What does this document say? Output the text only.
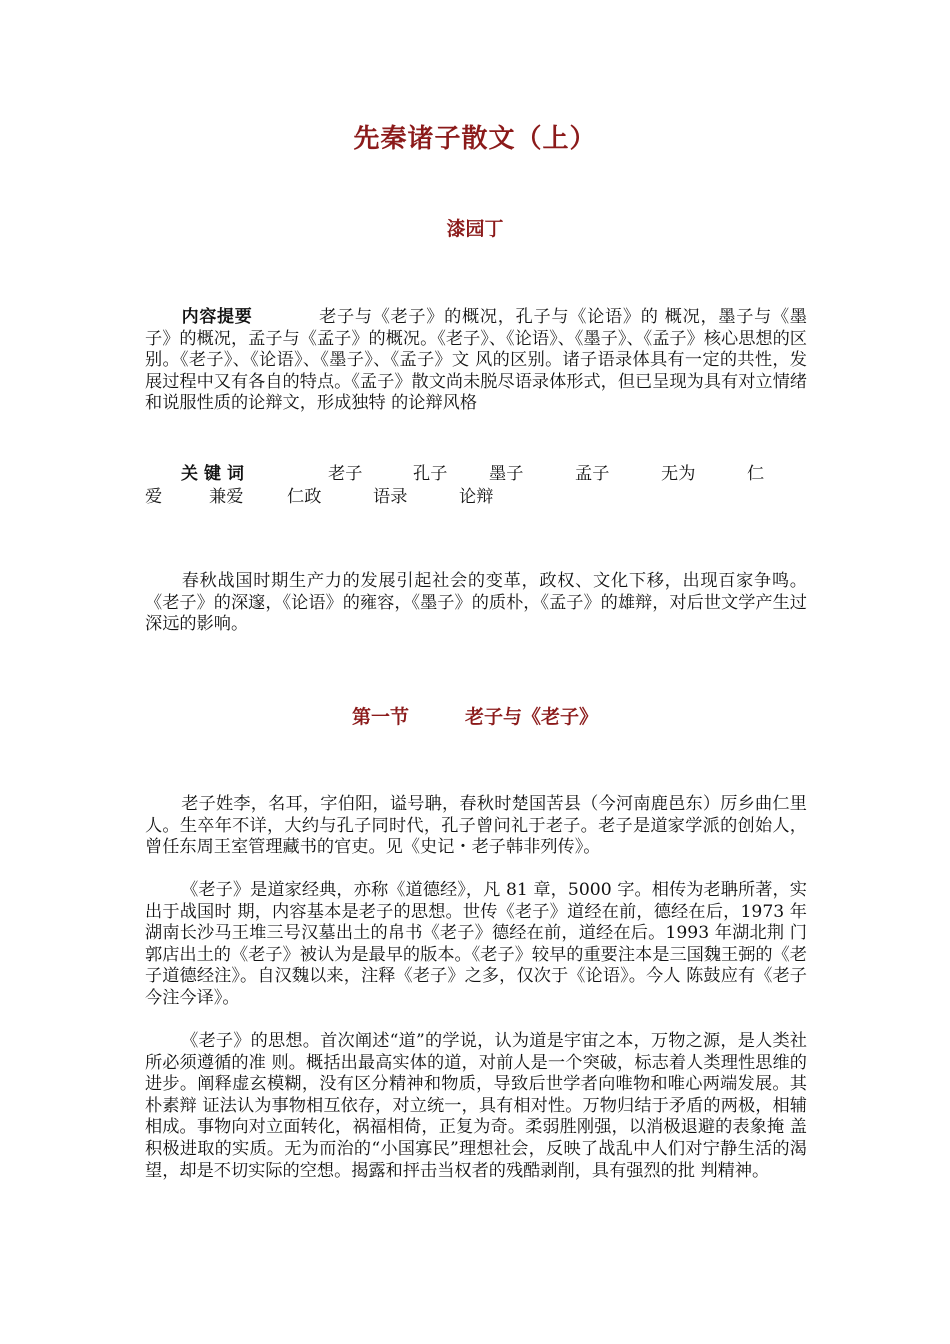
先秦诸子散文（上）
漆园丁
内容提要	老子与《老子》的概况，孔子与《论语》的 概况，墨子与《墨子》的概况，孟子与《孟子》的概况。《老子》、《论语》、《墨子》、《孟子》核心思想的区别。《老子》、《论语》、《墨子》、《孟子》文 风的区别。诸子语录体具有一定的共性，发展过程中又有各自的特点。《孟子》散文尚未脱尽语录体形式，但已呈现为具有对立情绪和说服性质的论辩文，形成独特 的论辩风格
关键词	老子	孔子 墨子	孟子	无为	仁
爱	兼爱	仁政	语录	论辩
春秋战国时期生产力的发展引起社会的变革，政权、文化下移，出现百家争鸣。《老子》的深邃，《论语》的雍容，《墨子》的质朴，《孟子》的雄辩，对后世文学产生过深远的影响。
第一节	老子与《老子》
老子姓李，名耳，字伯阳，谥号聃，春秋时楚国苦县（今河南鹿邑东）厉乡曲仁里人。生卒年不详，大约与孔子同时代，孔子曾问礼于老子。老子是道家学派的创始人，曾任东周王室管理藏书的官吏。见《史记・老子韩非列传》。
《老子》是道家经典，亦称《道德经》，凡 81 章，5000 字。相传为老聃所著，实出于战国时 期，内容基本是老子的思想。世传《老子》道经在前，德经在后，1973 年湖南长沙马王堆三号汉墓出土的帛书《老子》德经在前，道经在后。1993 年湖北荆 门郭店出土的《老子》被认为是最早的版本。《老子》较早的重要注本是三国魏王弼的《老子道德经注》。自汉魏以来，注释《老子》之多，仅次于《论语》。今人 陈鼓应有《老子今注今译》。
《老子》的思想。首次阐述“道”的学说，认为道是宇宙之本，万物之源，是人类社所必须遵循的准 则。概括出最高实体的道，对前人是一个突破，标志着人类理性思维的进步。阐释虚玄模糊，没有区分精神和物质，导致后世学者向唯物和唯心两端发展。其朴素辩 证法认为事物相互依存，对立统一，具有相对性。万物归结于矛盾的两极，相辅相成。事物向对立面转化，祸福相倚，正复为奇。柔弱胜刚强，以消极退避的表象掩 盖积极进取的实质。无为而治的“小国寡民”理想社会，反映了战乱中人们对宁静生活的渴望，却是不切实际的空想。揭露和抨击当权者的残酷剥削，具有强烈的批 判精神。
